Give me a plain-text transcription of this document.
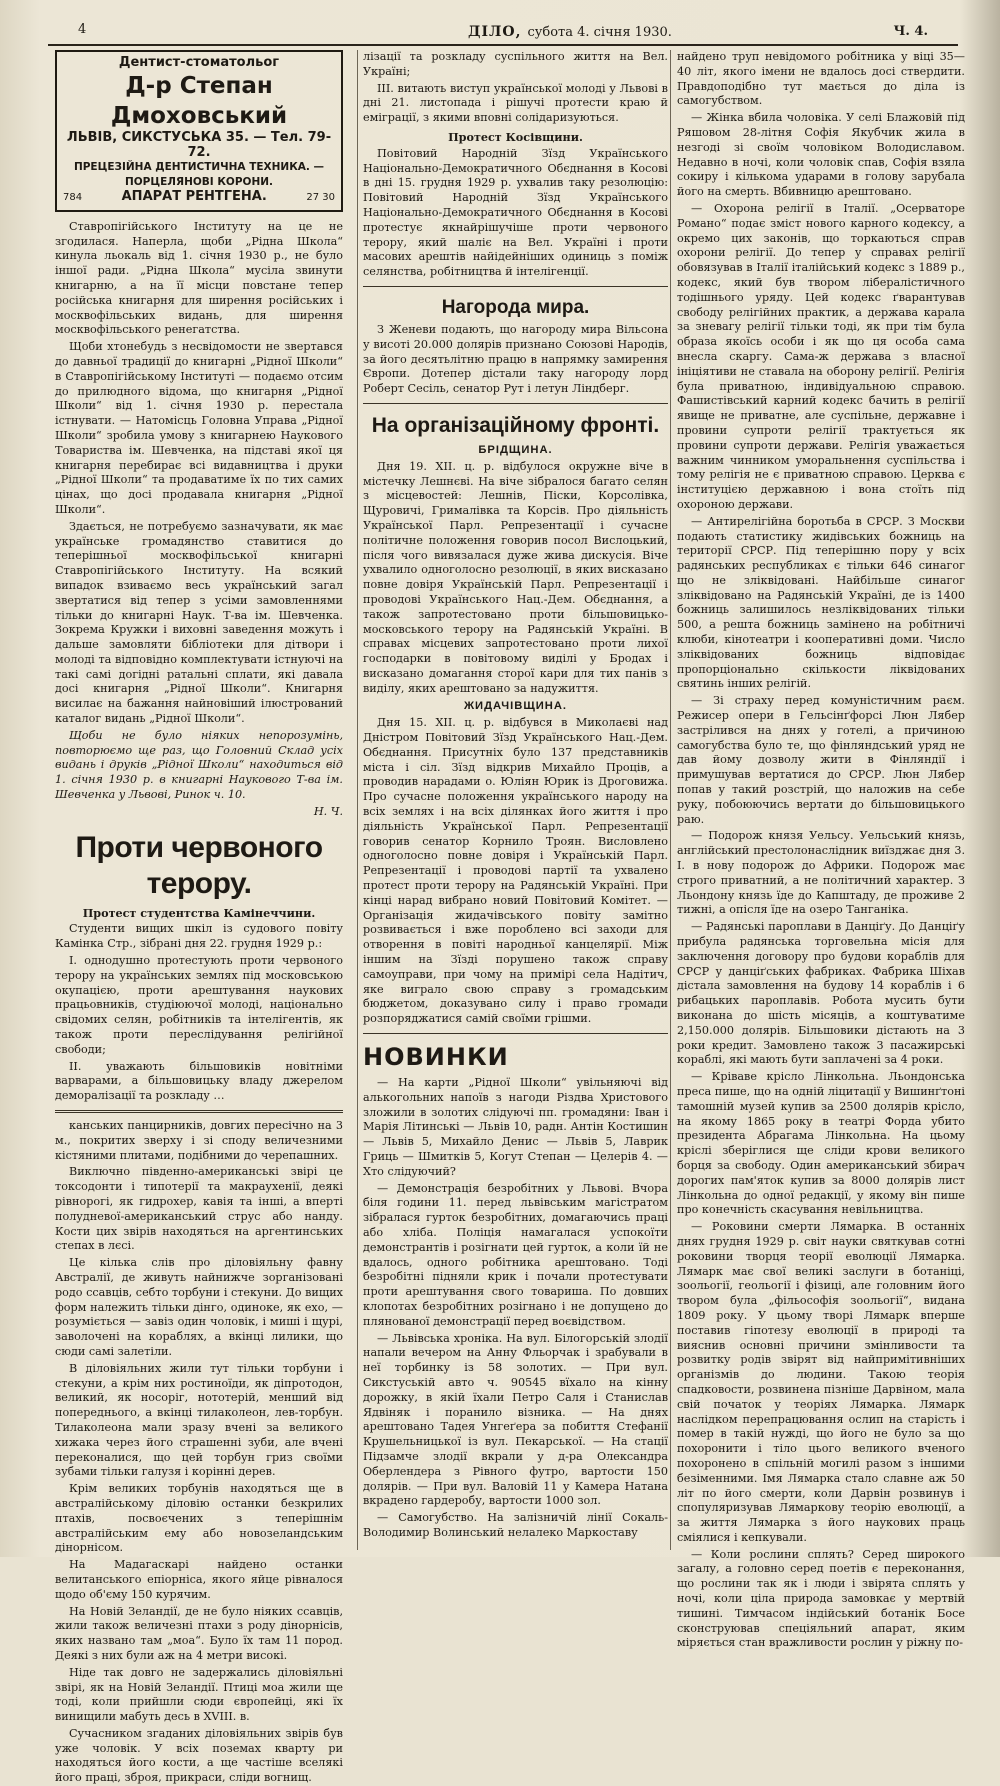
4	ДІЛО, субота 4. січня 1930.	Ч. 4.
Дентист-стоматольог
Д-р Степан Дмоховський
ЛЬВІВ, СИКСТУСЬКА 35. — Тел. 79-72.
ПРЕЦЕЗІЙНА ДЕНТИСТИЧНА ТЕХНИКА. — ПОРЦЕЛЯНОВІ КОРОНИ.
784	АПАРАТ РЕНТГЕНА.	27 30

Ставропігійського Інституту на це не згодилася. Наперла, щоби „Рідна Школа“ кинула льокаль від 1. січня 1930 р., не було іншої ради. „Рідна Школа“ мусіла звинути книгарню, а на її місци повстане тепер російська книгарня для ширення російських і москвофільських видань, для ширення москвофільського ренегатства.

Щоби хтонебудь з несвідомости не звертався до давньої традиції до книгарні „Рідної Школи“ в Ставропігійському Інституті — подаємо отсим до прилюдного відома, що книгарня „Рідної Школи“ від 1. січня 1930 р. перестала істнувати. — Натомісць Головна Управа „Рідної Школи“ зробила умову з книгарнею Наукового Товариства ім. Шевченка, на підставі якої ця книгарня перебирає всі видавництва і друки „Рідної Школи“ та продаватиме їх по тих самих цінах, що досі продавала книгарня „Рідної Школи“.

Здається, не потребуємо зазначувати, як має українське громадянство ставитися до теперішньої москвофільської книгарні Ставропігійського Інституту. На всякий випадок взиваємо весь український загал звертатися від тепер з усіми замовленнями тільки до книгарні Наук. Т-ва ім. Шевченка. Зокрема Кружки і виховні заведення можуть і дальше замовляти бібліотеки для дітвори і молоді та відповідно комплектувати істнуючі на такі самі догідні ратальні сплати, які давала досі книгарня „Рідної Школи“. Книгарня висилає на бажання найновіший ілюстрований каталог видань „Рідної Школи“.

Щоби не було ніяких непорозумінь, повторюємо ще раз, що Головний Склад усіх видань і друків „Рідної Школи“ находиться від 1. січня 1930 р. в книгарні Наукового Т-ва ім. Шевченка у Львові, Ринок ч. 10.

Н. Ч.
Проти червоного терору.
Протест студентства Камінеччини.

Студенти вищих шкіл із судового повіту Камінка Стр., зібрані дня 22. грудня 1929 р.:

І. однодушно протестують проти червоного терору на українських землях під московською окупацією, проти арештування наукових працьовників, студіюючої молоді, національно свідомих селян, робітників та інтелігентів, як також проти переслідування релігійної свободи;

ІІ. уважають більшовиків новітніми варварами, а більшовицьку владу джерелом деморалізації та розкладу …

канських панцирників, довгих пересічно на 3 м., покритих зверху і зі споду величезними кістяними плитами, подібними до черепашних.

Виключно південно-американські звірі це токсодонти і типотерії та макраухенії, деякі рівнорогі, як гидрохер, кавія та інші, а вперті полудневої-американський струс або нанду. Кости цих звірів находяться на аргентинських степах в лєсі.

Це кілька слів про діловіяльну фавну Австралії, де живуть найнижче зорганізовані родо ссавців, себто торбуни і стекуни. До вищих форм належить тільки дінго, одиноке, як ехо, — розуміється — завіз один чоловік, і миші і щурі, заволочені на кораблях, а вкінці лилики, що сюди самі залетіли.

В діловіяльних жили тут тільки торбуни і стекуни, а крім них ростиноїди, як діпротодон, великий, як носоріг, нототерій, менший від попереднього, а вкінці тилаколеон, лев-торбун. Тилаколеона мали зразу вчені за великого хижака через його страшенні зуби, але вчені переконалися, що цей торбун гриз своїми зубами тільки галузя і корінні дерев.

Крім великих торбунів находяться ще в австралійському діловію останки безкрилих птахів, посвоєчених з теперішнім австралійським ему або новозеландським дінорнісом.

На Мадагаскарі найдено останки велитанського епіорніса, якого яйце рівналося щодо об'єму 150 курячим.

На Новій Зеландії, де не було ніяких ссавців, жили також величезні птахи з роду дінорнісів, яких названо там „моа“. Було їх там 11 пород. Деякі з них були аж на 4 метри високі.

Ніде так довго не задержались діловіяльні звірі, як на Новій Зеландії. Птиці моа жили ще тоді, коли прийшли сюди європейці, які їх винищили мабуть десь в XVIII. в.

Сучасником згаданих діловіяльних звірів був уже чоловік. У всіх поземах кварту ри находяться його кости, а ще частіше вселякі його праці, зброя, прикраси, сліди вогнищ.

лізації та розкладу суспільного життя на Вел. Україні;

ІІІ. витають виступ української молоді у Львові в дні 21. листопада і рішучі протести краю й еміграції, з якими вповні солідаризуються.

Протест Косівщини.

Повітовий Народній Зїзд Українського Національно-Демократичного Обєднання в Косові в дні 15. грудня 1929 р. ухвалив таку резолюцію: Повітовий Народній Зїзд Українського Національно-Демократичного Обєднання в Косові протестує якнайрішучіше проти червоного терору, який шаліє на Вел. Україні і проти масових арештів найідейніших одиниць з поміж селянства, робітництва й інтелігенції.

Нагорода мира.

З Женеви подають, що нагороду мира Вільсона у висоті 20.000 долярів признано Союзові Народів, за його десятьлітню працю в напрямку замирення Європи. Дотепер дістали таку нагороду лорд Роберт Сесіль, сенатор Рут і летун Ліндберг.

На організаційному фронті.
БРІДЩИНА.

Дня 19. XII. ц. р. відбулося окружне віче в містечку Лешнєві. На віче зібралося багато селян з місцевостей: Лешнів, Піски, Корсолівка, Щуровичі, Грималівка та Корсів. Про діяльність Української Парл. Репрезентації і сучасне політичне положення говорив посол Вислоцький, після чого вивязалася дуже жива дискусія. Віче ухвалило одноголосно резолюції, в яких висказано повне довіря Українській Парл. Репрезентації і проводові Українського Нац.-Дем. Обєднання, а також запротестовано проти більшовицько-московського терору на Радянській Україні. В справах місцевих запротестовано проти лихої господарки в повітовому виділі у Бродах і висказано домагання сторої кари для тих панів з виділу, яких арештовано за надужиття.

ЖИДАЧІВЩИНА.

Дня 15. XII. ц. р. відбувся в Миколаєві над Дністром Повітовий Зїзд Українського Нац.-Дем. Обєднання. Присутніх було 137 представників міста і сіл. Зїзд відкрив Михайло Проців, а проводив нарадами о. Юліян Юрик із Дроговижа. Про сучасне положення українського народу на всіх землях і на всіх ділянках його життя і про діяльність Української Парл. Репрезентації говорив сенатор Корнило Троян. Висловлено одноголосно повне довіря і Українській Парл. Репрезентації і проводові партії та ухвалено протест проти терору на Радянській Україні. При кінці нарад вибрано новий Повітовий Комітет. — Організація жидачівського повіту замітно розвивається і вже пороблено всі заходи для отворення в повіті народньої канцелярії. Між іншим на Зїзді порушено також справу самоуправи, при чому на примірі села Надітич, яке виграло свою справу з громадським бюджетом, доказувано силу і право громади розпоряджатися самій своїми грішми.

НОВИНКИ

— На карти „Рідної Школи“ увільняючі від алькогольних напоїв з нагоди Різдва Христового зложили в золотих слідуючі пп. громадяни: Іван і Марія Літинські — Львів 10, радн. Антін Костишин — Львів 5, Михайло Денис — Львів 5, Лаврик Гриць — Шмитків 5, Когут Степан — Целерів 4. — Хто слідуючий?

— Демонстрація безробітних у Львові. Вчора біля години 11. перед львівським магістратом зібралася гурток безробітних, домагаючись праці або хліба. Поліція намагалася успокоїти демонстрантів і розігнати цей гурток, а коли їй не вдалось, одного робітника арештовано. Тоді безробітні підняли крик і почали протестувати проти арештування свого товариша. По довших клопотах безробітних розігнано і не допущено до плянованої демонстрації перед воєвідством.

— Львівська хроніка. На вул. Білогорській злодії напали вечером на Анну Фльорчак і зрабували в неї торбинку із 58 золотих. — При вул. Сикстуській авто ч. 90545 вїхало на кінну дорожку, в якій їхали Петро Саля і Станислав Ядвіняк і поранило візника. — На днях арештовано Тадея Унгеґера за побиття Стефанії Крушельницької із вул. Пекарської. — На стації Підзамче злодії вкрали у д-ра Олександра Оберлендера з Рівного футро, вартости 150 долярів. — При вул. Валовій 11 у Камера Натана вкрадено гардеробу, вартости 1000 зол.

— Самогубство. На залізничій лінії Сокаль-Володимир Волинський нелалеко Маркоставу

найдено труп невідомого робітника у віці 35—40 літ, якого імени не вдалось досі ствердити. Правдоподібно тут мається до діла із самогубством.

— Жінка вбила чоловіка. У селі Блажовій під Ряшовом 28-літня Софія Якубчик жила в незгоді зі своїм чоловіком Володиславом. Недавно в ночі, коли чоловік спав, Софія взяла сокиру і кількома ударами в голову зарубала його на смерть. Вбивницю арештовано.

— Охорона релігії в Італії. „Осерваторе Романо“ подає зміст нового карного кодексу, а окремо цих законів, що торкаються справ охорони релігії. До тепер у справах релігії обовязував в Італії італійський кодекс з 1889 р., кодекс, який був твором лібералістичного тодішнього уряду. Цей кодекс ґварантував свободу релігійних практик, а держава карала за зневагу релігії тільки тоді, як при тім була образа якоїсь особи і як що ця особа сама внесла скаргу. Сама-ж держава з власної ініціятиви не ставала на оборону релігії. Релігія була приватною, індивідуальною справою. Фашистівський карний кодекс бачить в релігії явище не приватне, але суспільне, державне і провини супроти релігії трактується як провини супроти держави. Релігія уважається важним чинником уморальнення суспільства і тому релігія не є приватною справою. Церква є інституцією державною і вона стоїть під охороною держави.

— Антирелігійна боротьба в СРСР. З Москви подають статистику жидівських божниць на території СРСР. Під теперішню пору у всіх радянських республиках є тільки 646 синагог що не зліквідовані. Найбільше синагог зліквідовано на Радянській Україні, де із 1400 божниць залишилось незліквідованих тільки 500, а решта божниць замінено на робітничі клюби, кінотеатри і кооперативні доми. Число зліквідованих божниць відповідає пропорціонально скількости ліквідованих святинь інших релігій.

— Зі страху перед комуністичним раєм. Режисер опери в Гельсінґфорсі Люн Лябер застрілився на днях у готелі, а причиною самогубства було те, що фінляндський уряд не дав йому дозволу жити в Фінляндії і примушував вертатися до СРСР. Люн Лябер попав у такий розстрій, що наложив на себе руку, побоюючись вертати до більшовицького раю.

— Подорож князя Уельсу. Уельський князь, англійський престолонаслідник виїзджає дня 3. І. в нову подорож до Африки. Подорож має строго приватний, а не політичний характер. З Льондону князь їде до Капштаду, де проживе 2 тижні, а опісля їде на озеро Танганіка.

— Радянські пароплави в Данціґу. До Данціґу прибула радянська торговельна місія для заключення договору про будови кораблів для СРСР у данціґських фабриках. Фабрика Шіхав дістала замовлення на будову 14 кораблів і 6 рибацьких пароплавів. Робота мусить бути виконана до шість місяців, а коштуватиме 2,150.000 долярів. Більшовики дістають на 3 роки кредит. Замовлено також 3 пасажирські кораблі, які мають бути заплачені за 4 роки.

— Кріваве крісло Лінкольна. Льондонська преса пише, що на одній ліцитації у Вишинґтоні тамошній музей купив за 2500 долярів крісло, на якому 1865 року в театрі Форда убито президента Абрагама Лінкольна. На цьому кріслі зберіглися ще сліди крови великого борця за свободу. Один американський збирач дорогих пам'яток купив за 8000 долярів лист Лінкольна до одної редакції, у якому він пише про конечність скасування невільництва.

— Роковини смерти Лямарка. В останніх днях грудня 1929 р. світ науки святкував сотні роковини творця теорії еволюції Лямарка. Лямарк має свої великі заслуги в ботаніці, зоольогії, геольогії і фізиці, але головним його твором була „фільософія зоольогії“, видана 1809 року. У цьому творі Лямарк вперше поставив гіпотезу еволюції в природі та вияснив основні причини змінливости та розвитку родів звірят від найпримітивніших організмів до людини. Такою теорія спадковости, розвинена пізніше Дарвіном, мала свій початок у теоріях Лямарка. Лямарк наслідком перепрацювання ослип на старість і помер в такій нужді, що його не було за що похоронити і тіло цього великого вченого похоронено в спільній могилі разом з іншими безіменними. Імя Лямарка стало славне аж 50 літ по його смерти, коли Дарвін розвинув і спопуляризував Лямаркову теорію еволюції, а за життя Лямарка з його наукових праць сміялися і кепкували.

— Коли рослини сплять? Серед широкого загалу, а головно серед поетів є переконання, що рослини так як і люди і звірята сплять у ночі, коли ціла природа замовкає у мертвій тишині. Тимчасом індійський ботанік Босе сконструював спеціяльний апарат, яким міряється стан вражливости рослин у ріжну по-
